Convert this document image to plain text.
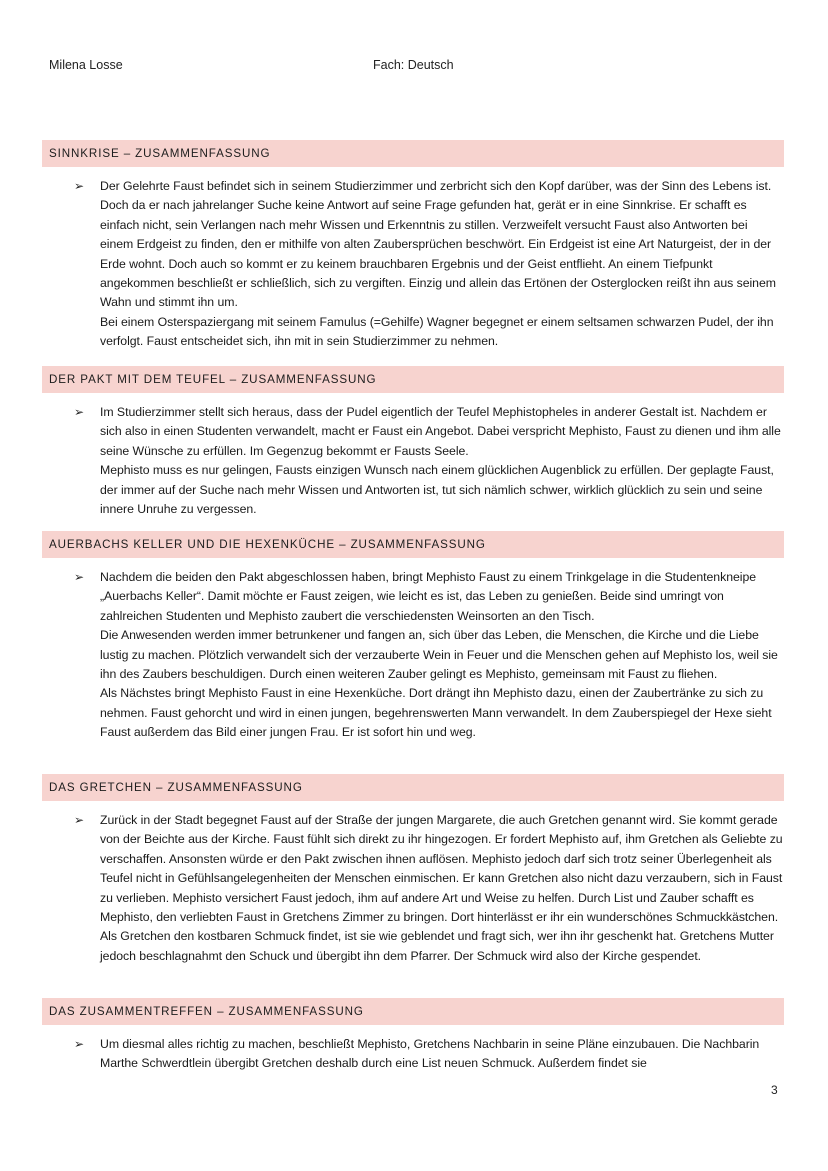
Milena Losse	Fach: Deutsch
SINNKRISE – ZUSAMMENFASSUNG
➢ Der Gelehrte Faust befindet sich in seinem Studierzimmer und zerbricht sich den Kopf darüber, was der Sinn des Lebens ist. Doch da er nach jahrelanger Suche keine Antwort auf seine Frage gefunden hat, gerät er in eine Sinnkrise. Er schafft es einfach nicht, sein Verlangen nach mehr Wissen und Erkenntnis zu stillen. Verzweifelt versucht Faust also Antworten bei einem Erdgeist zu finden, den er mithilfe von alten Zaubersprüchen beschwört. Ein Erdgeist ist eine Art Naturgeist, der in der Erde wohnt. Doch auch so kommt er zu keinem brauchbaren Ergebnis und der Geist entflieht. An einem Tiefpunkt angekommen beschließt er schließlich, sich zu vergiften. Einzig und allein das Ertönen der Osterglocken reißt ihn aus seinem Wahn und stimmt ihn um.

Bei einem Osterspaziergang mit seinem Famulus (=Gehilfe) Wagner begegnet er einem seltsamen schwarzen Pudel, der ihn verfolgt. Faust entscheidet sich, ihn mit in sein Studierzimmer zu nehmen.

DER PAKT MIT DEM TEUFEL – ZUSAMMENFASSUNG
➢ Im Studierzimmer stellt sich heraus, dass der Pudel eigentlich der Teufel Mephistopheles in anderer Gestalt ist. Nachdem er sich also in einen Studenten verwandelt, macht er Faust ein Angebot. Dabei verspricht Mephisto, Faust zu dienen und ihm alle seine Wünsche zu erfüllen. Im Gegenzug bekommt er Fausts Seele.

Mephisto muss es nur gelingen, Fausts einzigen Wunsch nach einem glücklichen Augenblick zu erfüllen. Der geplagte Faust, der immer auf der Suche nach mehr Wissen und Antworten ist, tut sich nämlich schwer, wirklich glücklich zu sein und seine innere Unruhe zu vergessen.

AUERBACHS KELLER UND DIE HEXENKÜCHE – ZUSAMMENFASSUNG
➢ Nachdem die beiden den Pakt abgeschlossen haben, bringt Mephisto Faust zu einem Trinkgelage in die Studentenkneipe „Auerbachs Keller“. Damit möchte er Faust zeigen, wie leicht es ist, das Leben zu genießen. Beide sind umringt von zahlreichen Studenten und Mephisto zaubert die verschiedensten Weinsorten an den Tisch.

Die Anwesenden werden immer betrunkener und fangen an, sich über das Leben, die Menschen, die Kirche und die Liebe lustig zu machen. Plötzlich verwandelt sich der verzauberte Wein in Feuer und die Menschen gehen auf Mephisto los, weil sie ihn des Zaubers beschuldigen. Durch einen weiteren Zauber gelingt es Mephisto, gemeinsam mit Faust zu fliehen.

Als Nächstes bringt Mephisto Faust in eine Hexenküche. Dort drängt ihn Mephisto dazu, einen der Zaubertränke zu sich zu nehmen. Faust gehorcht und wird in einen jungen, begehrenswerten Mann verwandelt. In dem Zauberspiegel der Hexe sieht Faust außerdem das Bild einer jungen Frau. Er ist sofort hin und weg.

DAS GRETCHEN – ZUSAMMENFASSUNG
➢ Zurück in der Stadt begegnet Faust auf der Straße der jungen Margarete, die auch Gretchen genannt wird. Sie kommt gerade von der Beichte aus der Kirche. Faust fühlt sich direkt zu ihr hingezogen. Er fordert Mephisto auf, ihm Gretchen als Geliebte zu verschaffen. Ansonsten würde er den Pakt zwischen ihnen auflösen. Mephisto jedoch darf sich trotz seiner Überlegenheit als Teufel nicht in Gefühlsangelegenheiten der Menschen einmischen. Er kann Gretchen also nicht dazu verzaubern, sich in Faust zu verlieben. Mephisto versichert Faust jedoch, ihm auf andere Art und Weise zu helfen. Durch List und Zauber schafft es Mephisto, den verliebten Faust in Gretchens Zimmer zu bringen. Dort hinterlässt er ihr ein wunderschönes Schmuckkästchen. Als Gretchen den kostbaren Schmuck findet, ist sie wie geblendet und fragt sich, wer ihn ihr geschenkt hat. Gretchens Mutter jedoch beschlagnahmt den Schuck und übergibt ihn dem Pfarrer. Der Schmuck wird also der Kirche gespendet.

DAS ZUSAMMENTREFFEN – ZUSAMMENFASSUNG
➢ Um diesmal alles richtig zu machen, beschließt Mephisto, Gretchens Nachbarin in seine Pläne einzubauen. Die Nachbarin Marthe Schwerdtlein übergibt Gretchen deshalb durch eine List neuen Schmuck. Außerdem findet sie

3
